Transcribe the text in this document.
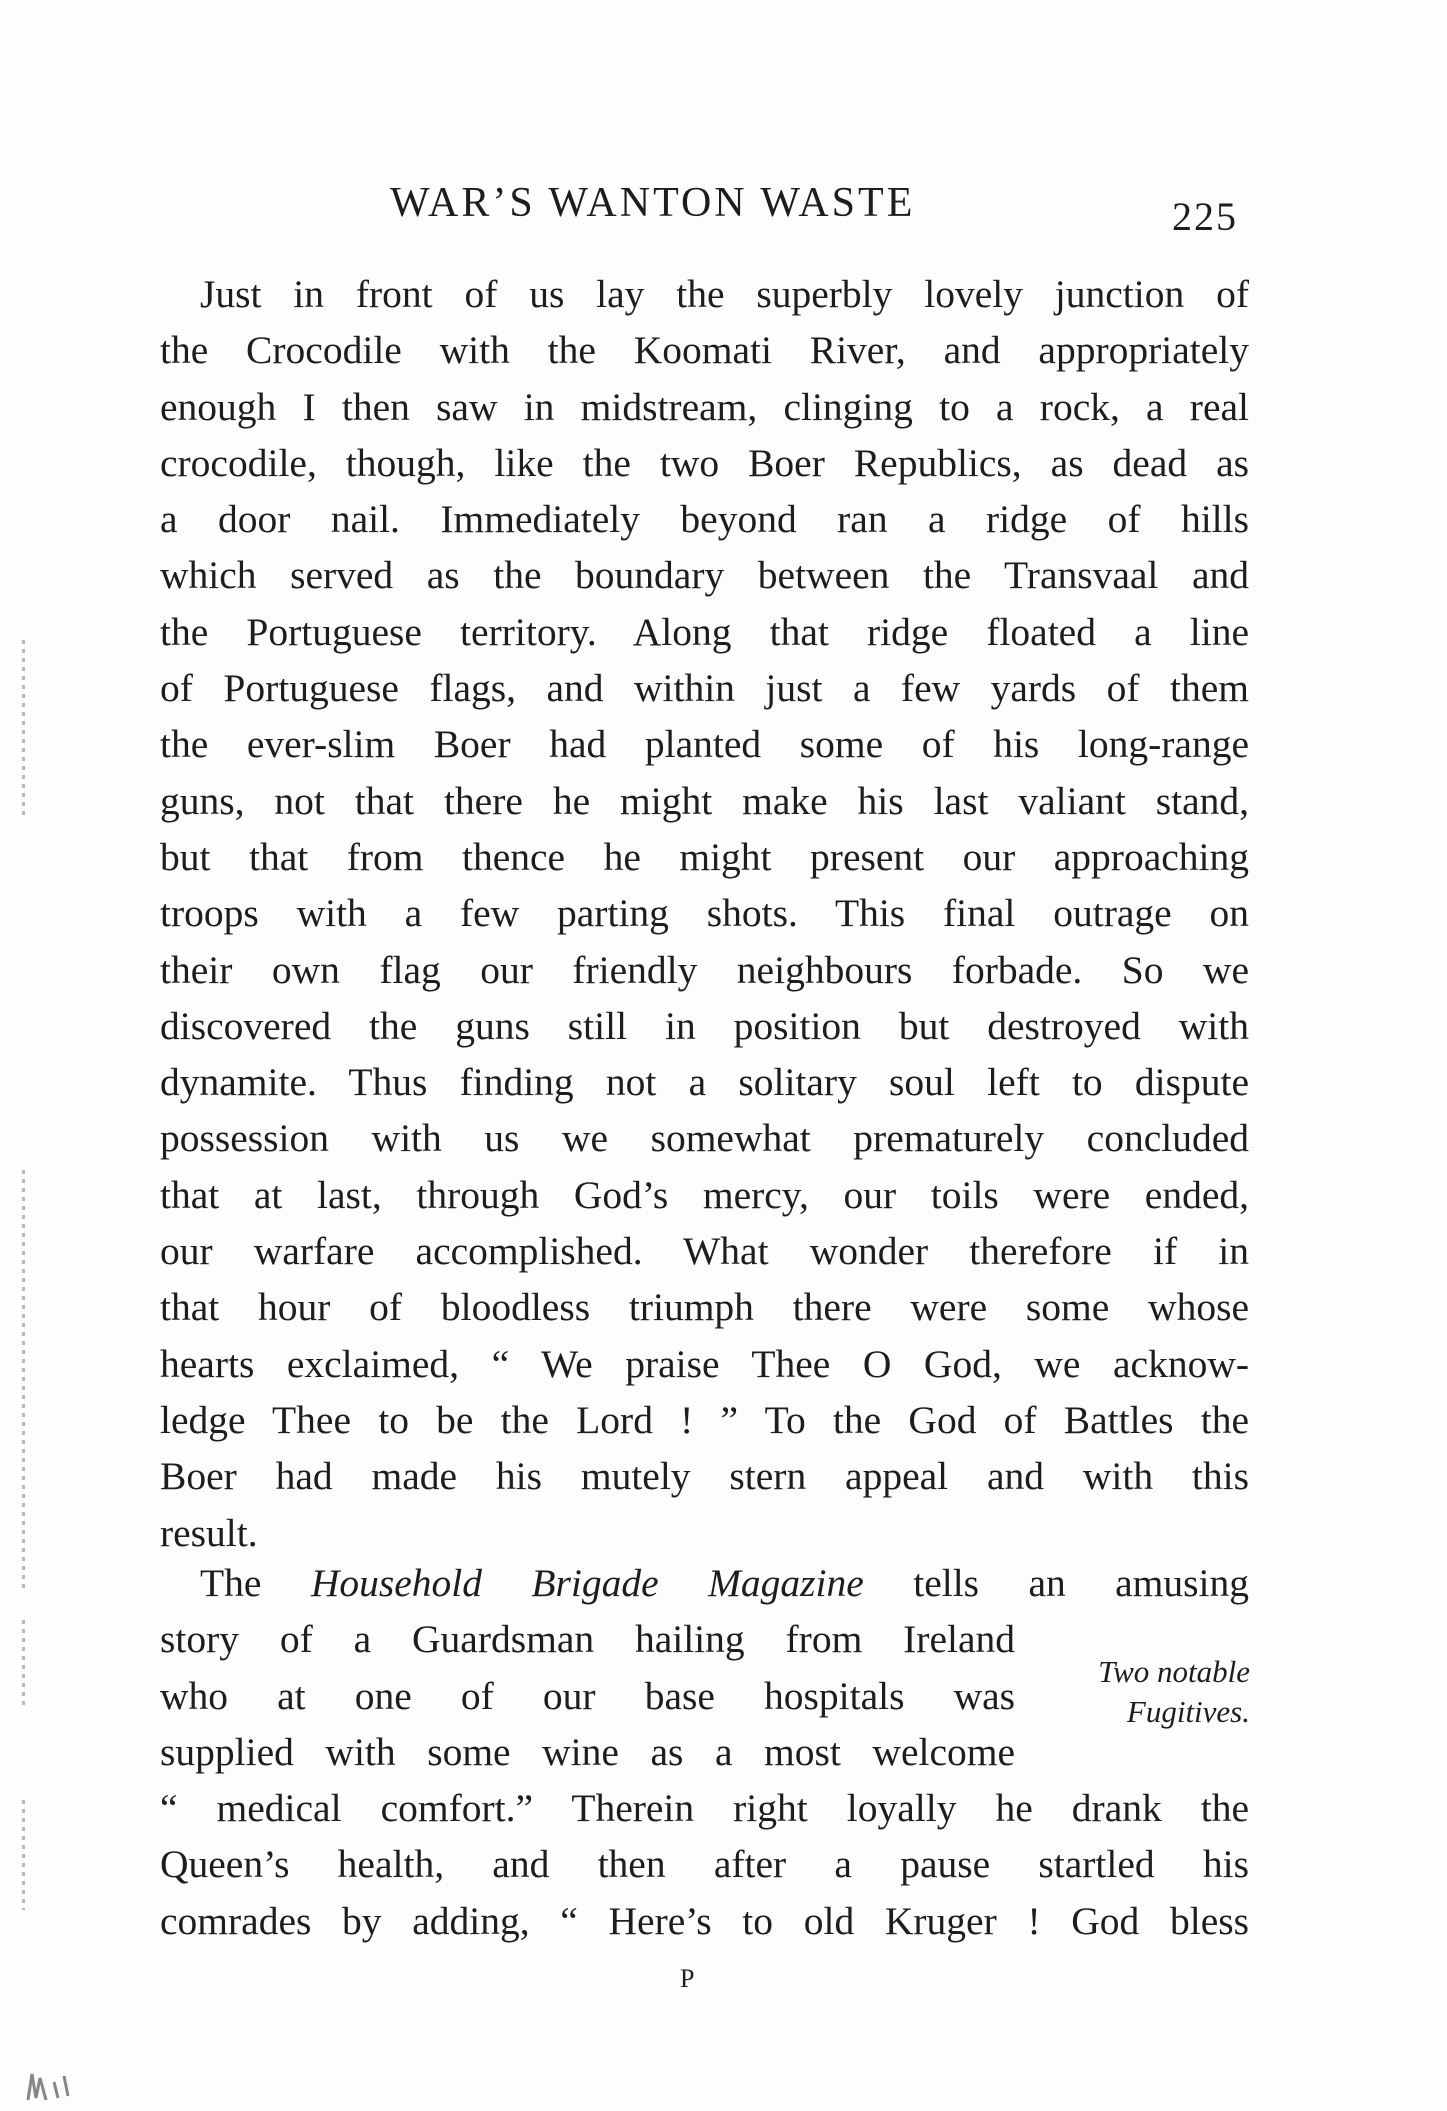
WAR’S WANTON WASTE	225
Just in front of us lay the superbly lovely junction of
the Crocodile with the Koomati River, and appropriately
enough I then saw in midstream, clinging to a rock, a real
crocodile, though, like the two Boer Republics, as dead as
a door nail. Immediately beyond ran a ridge of hills
which served as the boundary between the Transvaal and
the Portuguese territory. Along that ridge floated a line
of Portuguese flags, and within just a few yards of them
the ever-slim Boer had planted some of his long-range
guns, not that there he might make his last valiant stand,
but that from thence he might present our approaching
troops with a few parting shots. This final outrage on
their own flag our friendly neighbours forbade. So we
discovered the guns still in position but destroyed with
dynamite. Thus finding not a solitary soul left to dispute
possession with us we somewhat prematurely concluded
that at last, through God’s mercy, our toils were ended,
our warfare accomplished. What wonder therefore if in
that hour of bloodless triumph there were some whose
hearts exclaimed, “ We praise Thee O God, we acknow-
ledge Thee to be the Lord ! ” To the God of Battles the
Boer had made his mutely stern appeal and with this
result.
The Household Brigade Magazine tells an amusing
story of a Guardsman hailing from Ireland
who at one of our base hospitals was
supplied with some wine as a most welcome
“ medical comfort.” Therein right loyally he drank the
Queen’s health, and then after a pause startled his
comrades by adding, “ Here’s to old Kruger ! God bless
Two notable
Fugitives.
P
